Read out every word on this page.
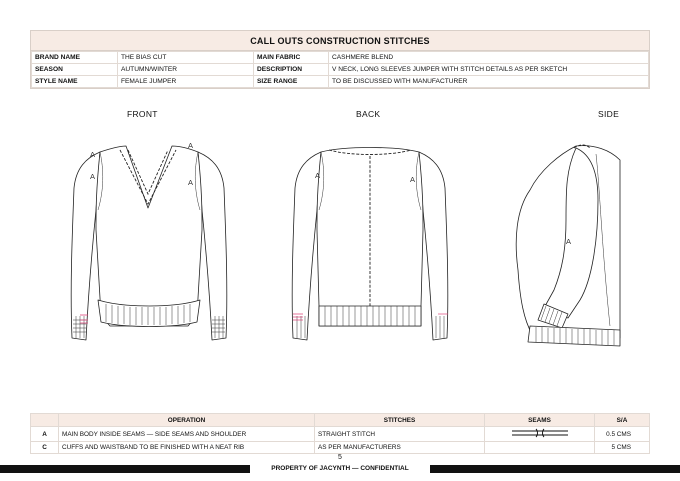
CALL OUTS CONSTRUCTION STITCHES
BRAND NAME	THE BIAS CUT	MAIN FABRIC	CASHMERE BLEND
SEASON	AUTUMN/WINTER	DESCRIPTION	V NECK, LONG SLEEVES JUMPER WITH STITCH DETAILS AS PER SKETCH
STYLE NAME	FEMALE JUMPER	SIZE RANGE	TO BE DISCUSSED WITH MANUFACTURER
FRONT	BACK	SIDE
A
A
A
A
A	A
A
	OPERATION	STITCHES	SEAMS	S/A
A	MAIN BODY INSIDE SEAMS — SIDE SEAMS AND SHOULDER	STRAIGHT STITCH		0.5 CMS
C	CUFFS AND WAISTBAND TO BE FINISHED WITH A NEAT RIB	AS PER MANUFACTURERS		5 CMS
5
PROPERTY OF JACYNTH — CONFIDENTIAL
